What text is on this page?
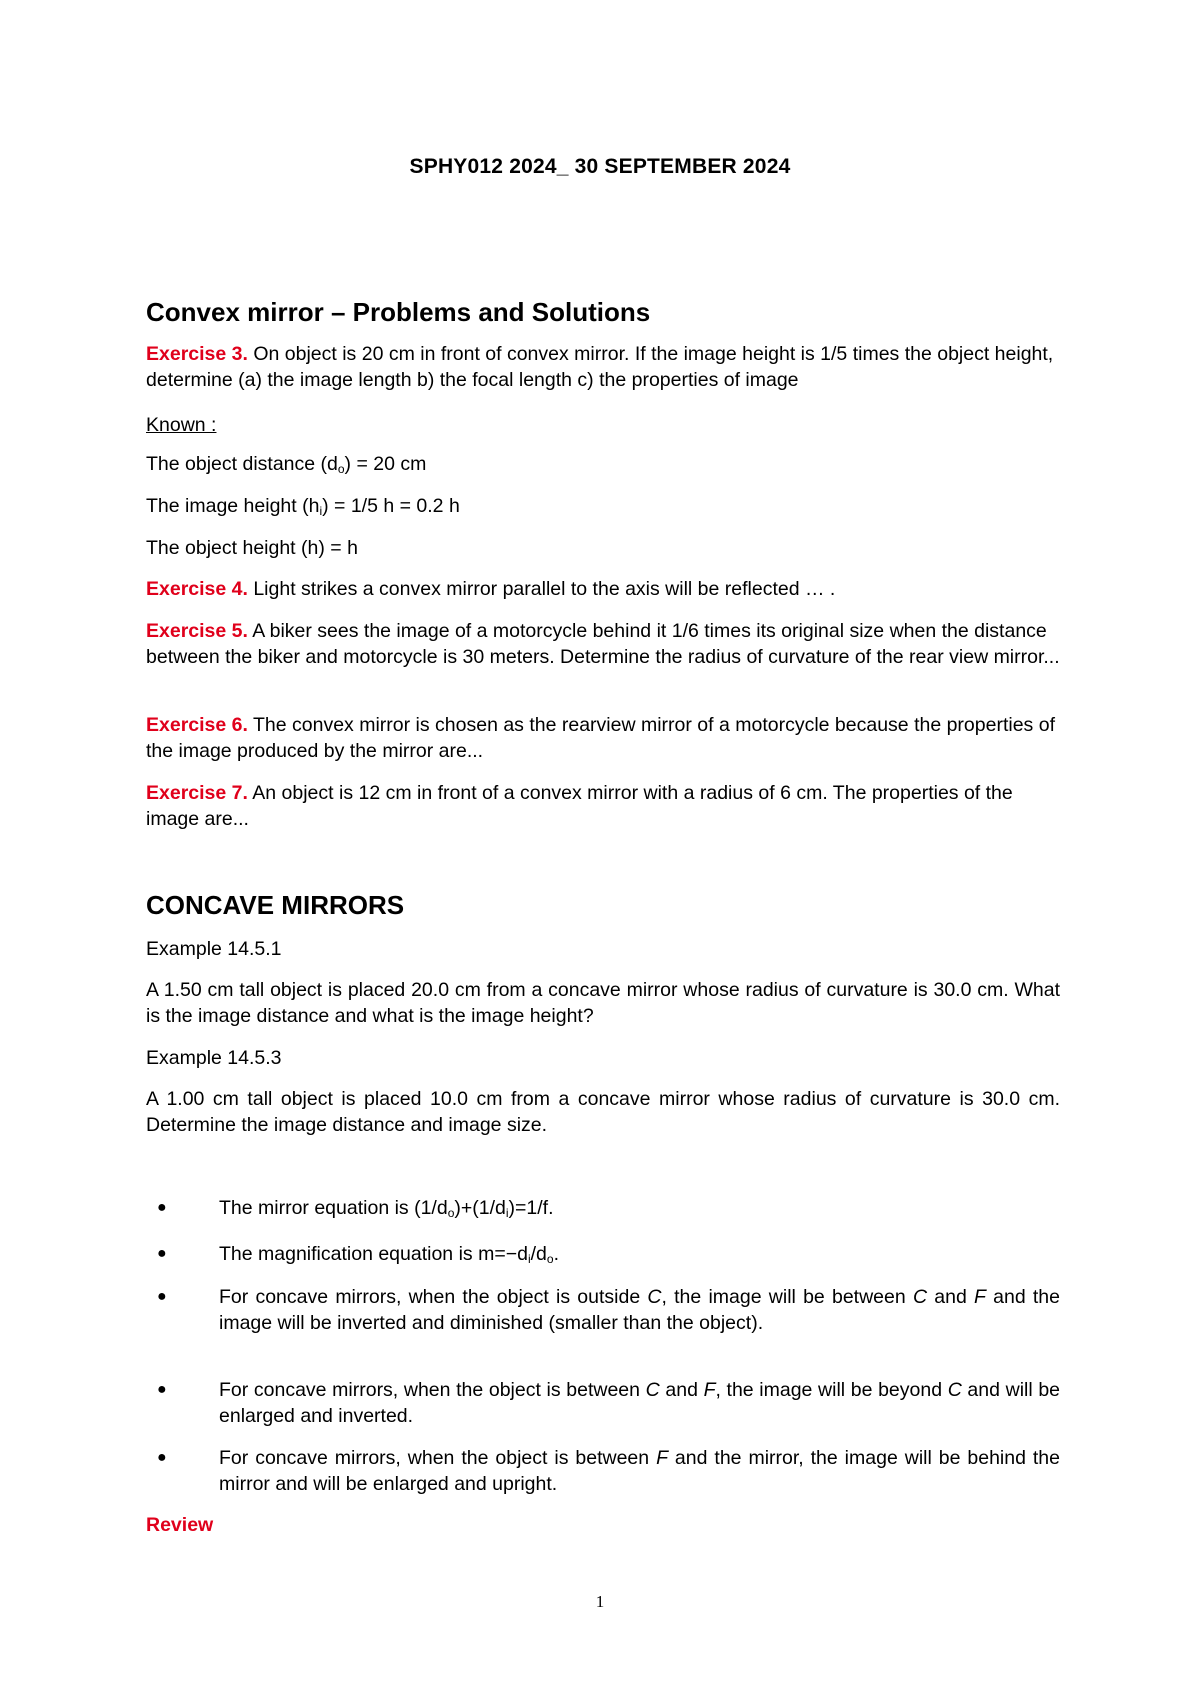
SPHY012 2024_ 30 SEPTEMBER 2024
Convex mirror – Problems and Solutions
Exercise 3. On object is 20 cm in front of convex mirror. If the image height is 1/5 times the object height, determine (a) the image length b) the focal length c) the properties of image
Known :
The object distance $(d_o) = 20$ cm
The image height $(h_i) = 1/5$ h = 0.2 h
The object height (h) = h
Exercise 4. Light strikes a convex mirror parallel to the axis will be reflected … .
Exercise 5. A biker sees the image of a motorcycle behind it 1/6 times its original size when the distance between the biker and motorcycle is 30 meters. Determine the radius of curvature of the rear view mirror...
Exercise 6. The convex mirror is chosen as the rearview mirror of a motorcycle because the properties of the image produced by the mirror are...
Exercise 7. An object is 12 cm in front of a convex mirror with a radius of 6 cm. The properties of the image are...
CONCAVE MIRRORS
Example 14.5.1
A 1.50 cm tall object is placed 20.0 cm from a concave mirror whose radius of curvature is 30.0 cm. What is the image distance and what is the image height?
Example 14.5.3
A 1.00 cm tall object is placed 10.0 cm from a concave mirror whose radius of curvature is 30.0 cm. Determine the image distance and image size.
●	The mirror equation is $(1/d_o)+(1/d_i)=1/f$.
●	The magnification equation is $m=-d_i/d_o$.
●	For concave mirrors, when the object is outside C, the image will be between C and F and the image will be inverted and diminished (smaller than the object).
●	For concave mirrors, when the object is between C and F, the image will be beyond C and will be enlarged and inverted.
●	For concave mirrors, when the object is between F and the mirror, the image will be behind the mirror and will be enlarged and upright.
Review
1
